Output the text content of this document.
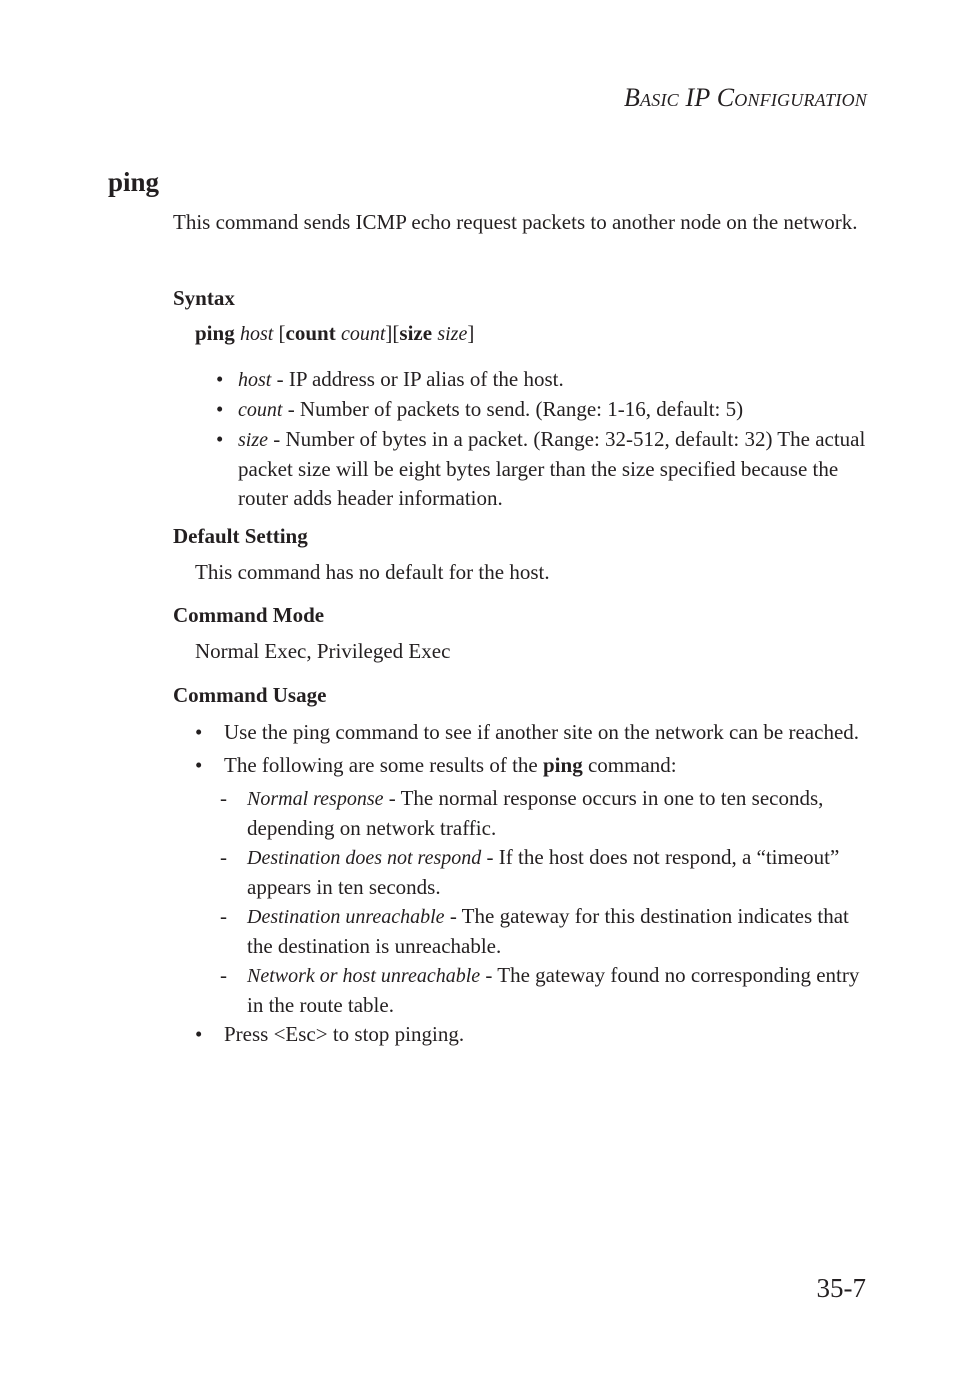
BASIC IP CONFIGURATION
ping
This command sends ICMP echo request packets to another node on the network.
Syntax
ping host [count count][size size]
• host - IP address or IP alias of the host.
• count - Number of packets to send. (Range: 1-16, default: 5)
• size - Number of bytes in a packet. (Range: 32-512, default: 32) The actual packet size will be eight bytes larger than the size specified because the router adds header information.
Default Setting
This command has no default for the host.
Command Mode
Normal Exec, Privileged Exec
Command Usage
• Use the ping command to see if another site on the network can be reached.
• The following are some results of the ping command:
- Normal response - The normal response occurs in one to ten seconds, depending on network traffic.
- Destination does not respond - If the host does not respond, a “timeout” appears in ten seconds.
- Destination unreachable - The gateway for this destination indicates that the destination is unreachable.
- Network or host unreachable - The gateway found no corresponding entry in the route table.
• Press <Esc> to stop pinging.
35-7
